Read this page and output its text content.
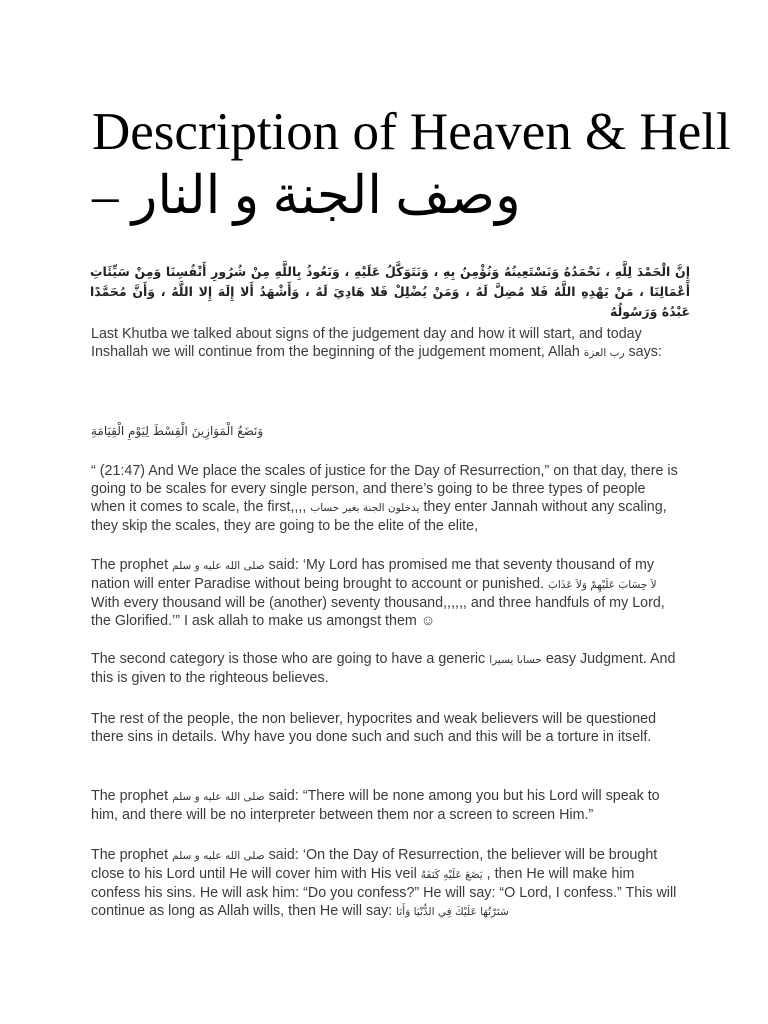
Description of Heaven & Hell – وصف الجنة و النار
إِنَّ الْحَمْدَ لِلَّهِ ، نَحْمَدُهُ وَنَسْتَعِينُهُ وَنُؤْمِنُ بِهِ ، وَنَتَوَكَّلُ عَلَيْهِ ، وَنَعُوذُ بِاللَّهِ مِنْ شُرُورِ أَنْفُسِنَا وَمِنْ سَيِّئَاتِ أَعْمَالِنَا ، مَنْ يَهْدِهِ اللَّهُ فَلا مُضِلَّ لَهُ ، وَمَنْ يُضْلِلْ فَلا هَادِيَ لَهُ ، وَأَشْهَدُ أَلا إِلَهَ إِلا اللَّهُ ، وَأَنَّ مُحَمَّدًا عَبْدُهُ وَرَسُولُهُ

Last Khutba we talked about signs of the judgement day and how it will start, and today Inshallah we will continue from the beginning of the judgement moment, Allah رب العزة says:

وَنَضَعُ الْمَوَازِينَ الْقِسْطَ لِيَوْمِ الْقِيَامَةِ

“ (21:47) And We place the scales of justice for the Day of Resurrection,” on that day, there is going to be scales for every single person, and there’s going to be three types of people when it comes to scale, the first,,,, يدخلون الجنة بغير حساب they enter Jannah without any scaling, they skip the scales, they are going to be the elite of the elite,

The prophet صلى الله عليه و سلم said: ‘My Lord has promised me that seventy thousand of my nation will enter Paradise without being brought to account or punished. لاَ حِسَابَ عَلَيْهِمْ وَلاَ عَذَابَ With every thousand will be (another) seventy thousand,,,,,, and three handfuls of my Lord, the Glorified.’” I ask allah to make us amongst them ☺

The second category is those who are going to have a generic حسابا يسيرا easy Judgment. And this is given to the righteous believes.

The rest of the people, the non believer, hypocrites and weak believers will be questioned there sins in details. Why have you done such and such and this will be a torture in itself.

The prophet صلى الله عليه و سلم said: “There will be none among you but his Lord will speak to him, and there will be no interpreter between them nor a screen to screen Him.”

The prophet صلى الله عليه و سلم said: ‘On the Day of Resurrection, the believer will be brought close to his Lord until He will cover him with His veil يَضَعَ عَلَيْهِ كَنَفَهُ , then He will make him confess his sins. He will ask him: “Do you confess?” He will say: “O Lord, I confess.” This will continue as long as Allah wills, then He will say: سَتَرْتُهَا عَلَيْكَ فِي الدُّنْيَا وَأَنَا
